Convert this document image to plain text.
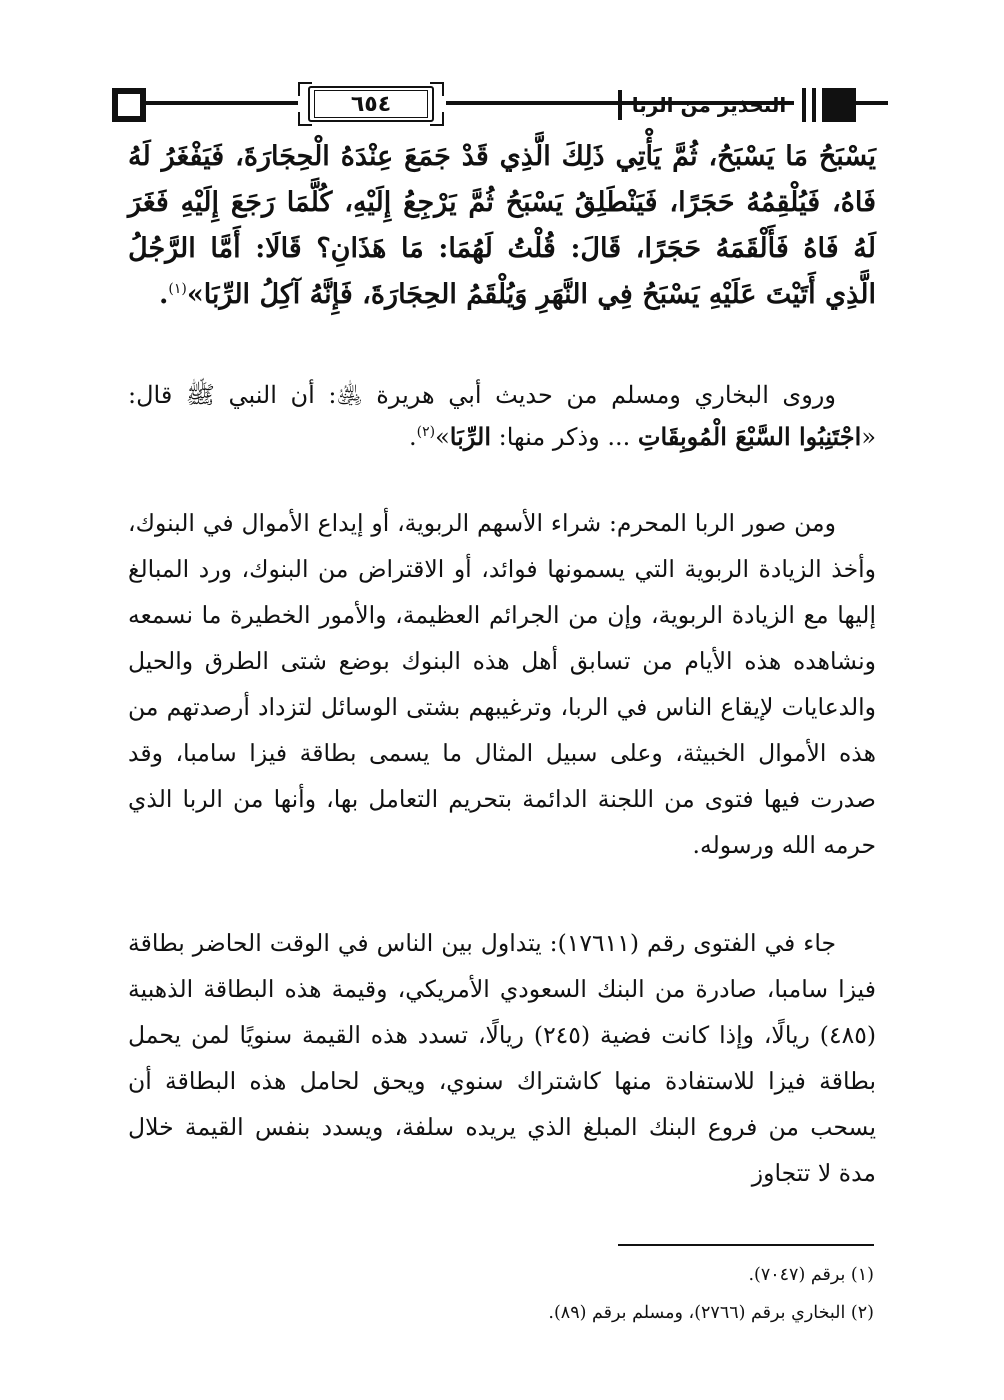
٦٥٤	التحذير من الربا
يَسْبَحُ مَا يَسْبَحُ، ثُمَّ يَأْتِي ذَلِكَ الَّذِي قَدْ جَمَعَ عِنْدَهُ الْحِجَارَةَ، فَيَفْغَرُ لَهُ فَاهُ، فَيُلْقِمُهُ حَجَرًا، فَيَنْطَلِقُ يَسْبَحُ ثُمَّ يَرْجِعُ إِلَيْهِ، كُلَّمَا رَجَعَ إِلَيْهِ فَغَرَ لَهُ فَاهُ فَأَلْقَمَهُ حَجَرًا، قَالَ: قُلْتُ لَهُمَا: مَا هَذَانِ؟ قَالَا: أَمَّا الرَّجُلُ الَّذِي أَتَيْتَ عَلَيْهِ يَسْبَحُ فِي النَّهَرِ وَيُلْقَمُ الحِجَارَةَ، فَإِنَّهُ آكِلُ الرِّبَا»$^{(١)}$.
وروى البخاري ومسلم من حديث أبي هريرة ﵁: أن النبي ﷺ قال: «اجْتَنِبُوا السَّبْعَ الْمُوبِقَاتِ ... وذكر منها: الرِّبَا»$^{(٢)}$.
ومن صور الربا المحرم: شراء الأسهم الربوية، أو إيداع الأموال في البنوك، وأخذ الزيادة الربوية التي يسمونها فوائد، أو الاقتراض من البنوك، ورد المبالغ إليها مع الزيادة الربوية، وإن من الجرائم العظيمة، والأمور الخطيرة ما نسمعه ونشاهده هذه الأيام من تسابق أهل هذه البنوك بوضع شتى الطرق والحيل والدعايات لإيقاع الناس في الربا، وترغيبهم بشتى الوسائل لتزداد أرصدتهم من هذه الأموال الخبيثة، وعلى سبيل المثال ما يسمى بطاقة فيزا سامبا، وقد صدرت فيها فتوى من اللجنة الدائمة بتحريم التعامل بها، وأنها من الربا الذي حرمه الله ورسوله.
جاء في الفتوى رقم (١٧٦١١): يتداول بين الناس في الوقت الحاضر بطاقة فيزا سامبا، صادرة من البنك السعودي الأمريكي، وقيمة هذه البطاقة الذهبية (٤٨٥) ريالًا، وإذا كانت فضية (٢٤٥) ريالًا، تسدد هذه القيمة سنويًا لمن يحمل بطاقة فيزا للاستفادة منها كاشتراك سنوي، ويحق لحامل هذه البطاقة أن يسحب من فروع البنك المبلغ الذي يريده سلفة، ويسدد بنفس القيمة خلال مدة لا تتجاوز
(١) برقم (٧٠٤٧).
(٢) البخاري برقم (٢٧٦٦)، ومسلم برقم (٨٩).
